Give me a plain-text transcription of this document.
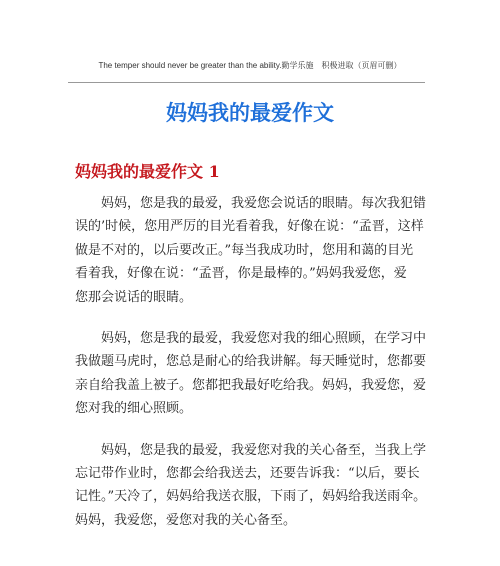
The temper should never be greater than the ability.勤学乐施　积极进取（页眉可删）
妈妈我的最爱作文
妈妈我的最爱作文 1
妈妈，您是我的最爱，我爱您会说话的眼睛。每次我犯错
误的’时候，您用严厉的目光看着我，好像在说：“孟晋，这样
做是不对的，以后要改正。”每当我成功时，您用和蔼的目光
看着我，好像在说：“孟晋，你是最棒的。”妈妈我爱您，爱
您那会说话的眼睛。
妈妈，您是我的最爱，我爱您对我的细心照顾，在学习中
我做题马虎时，您总是耐心的给我讲解。每天睡觉时，您都要
亲自给我盖上被子。您都把我最好吃给我。妈妈，我爱您，爱
您对我的细心照顾。
妈妈，您是我的最爱，我爱您对我的关心备至，当我上学
忘记带作业时，您都会给我送去，还要告诉我：“以后，要长
记性。”天冷了，妈妈给我送衣服，下雨了，妈妈给我送雨伞。
妈妈，我爱您，爱您对我的关心备至。
